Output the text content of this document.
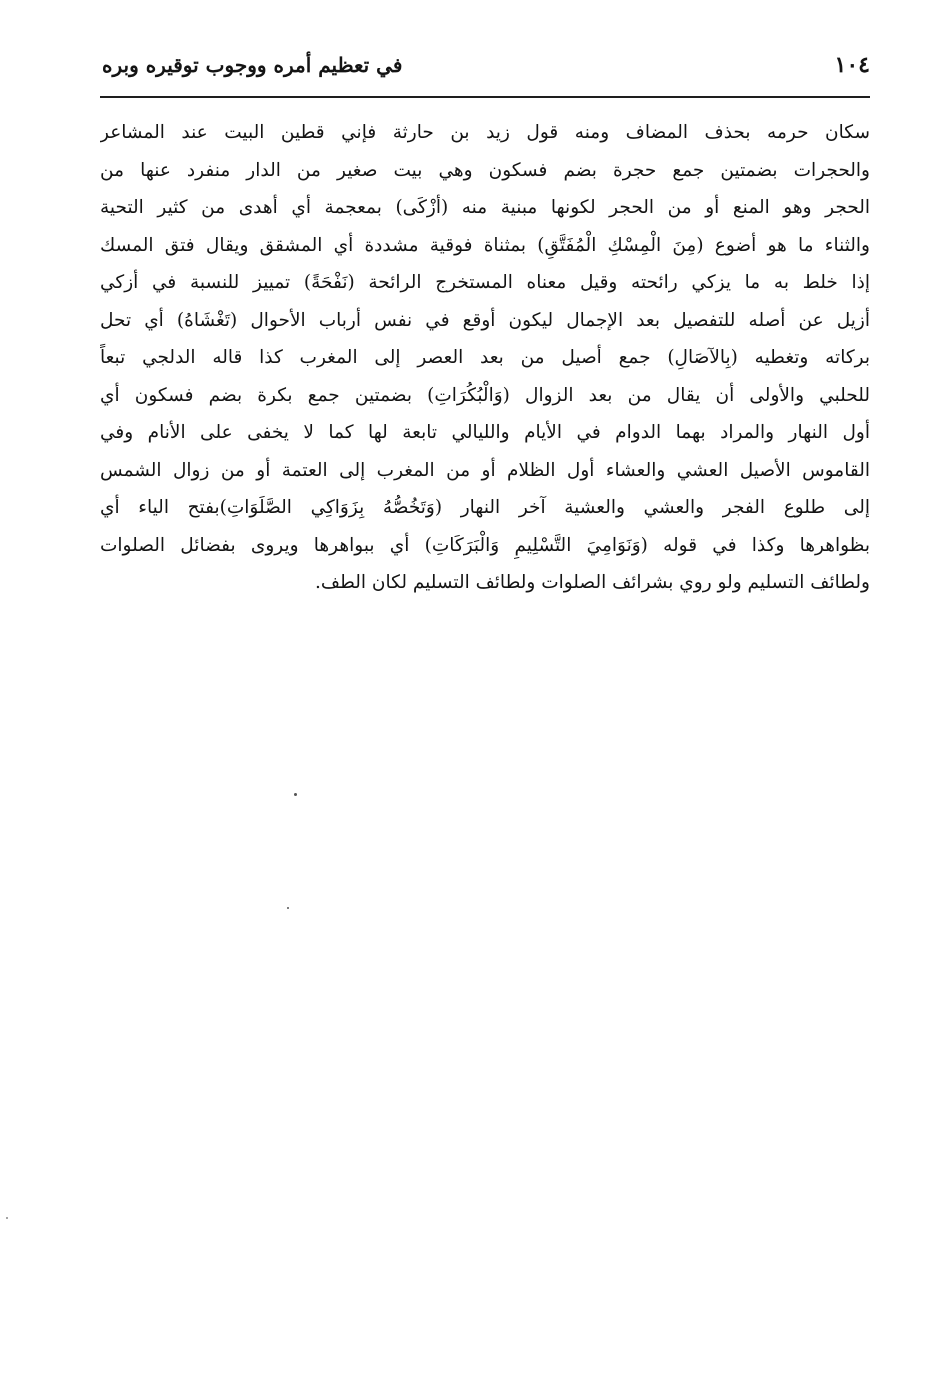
١٠٤
في تعظيم أمره ووجوب توقيره وبره
سكان حرمه بحذف المضاف ومنه قول زيد بن حارثة فإني قطين البيت عند المشاعر
والحجرات بضمتين جمع حجرة بضم فسكون وهي بيت صغير من الدار منفرد عنها من
الحجر وهو المنع أو من الحجر لكونها مبنية منه (أزْكَى) بمعجمة أي أهدى من كثير التحية
والثناء ما هو أضوع (مِنَ الْمِسْكِ الْمُفَتَّقِ) بمثناة فوقية مشددة أي المشقق ويقال فتق المسك
إذا خلط به ما يزكي رائحته وقيل معناه المستخرج الرائحة (نَفْحَةً) تمييز للنسبة في أزكي
أزيل عن أصله للتفصيل بعد الإجمال ليكون أوقع في نفس أرباب الأحوال (تَغْشَاهُ) أي تحل
بركاته وتغطيه (بِالآصَالِ) جمع أصيل من بعد العصر إلى المغرب كذا قاله الدلجي تبعاً
للحلبي والأولى أن يقال من بعد الزوال (وَالْبُكُرَاتِ) بضمتين جمع بكرة بضم فسكون أي
أول النهار والمراد بهما الدوام في الأيام والليالي تابعة لها كما لا يخفى على الأنام وفي
القاموس الأصيل العشي والعشاء أول الظلام أو من المغرب إلى العتمة أو من زوال الشمس
إلى طلوع الفجر والعشي والعشية آخر النهار (وَتَخُصُّهُ بِزَوَاكِي الصَّلَوَاتِ)بفتح الياء أي
بظواهرها وكذا في قوله (وَنَوَامِيَ التَّسْلِيمِ وَالْبَرَكَاتِ) أي ببواهرها ويروى بفضائل الصلوات
ولطائف التسليم ولو روي بشرائف الصلوات ولطائف التسليم لكان الطف.
